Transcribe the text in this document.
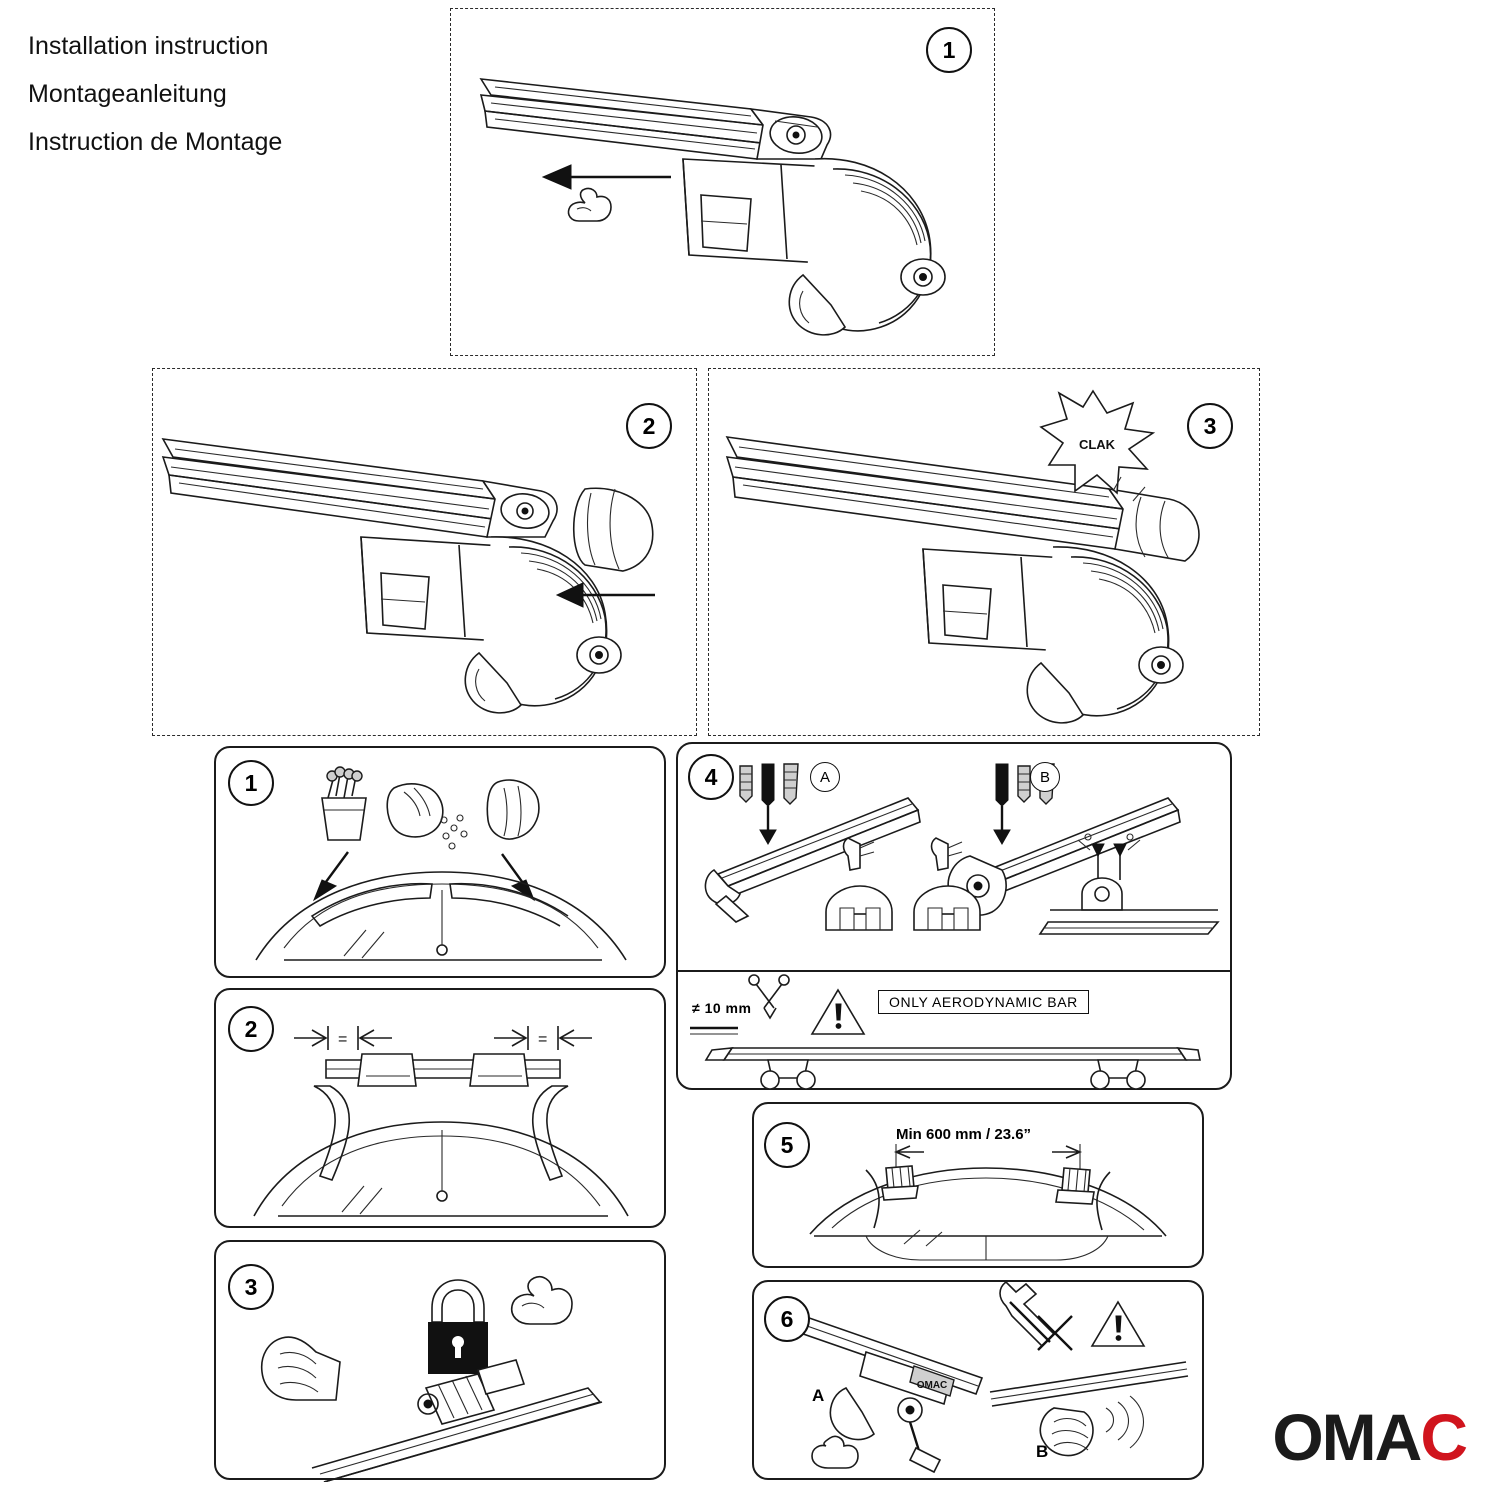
Installation instruction
Montageanleitung
Instruction de Montage
1
2	3
CLAK
1
2	=	=
3
4	A	B
≠ 10 mm	ONLY AERODYNAMIC BAR
5	Min 600 mm / 23.6”
6
A
B
OMAC
OMAC
